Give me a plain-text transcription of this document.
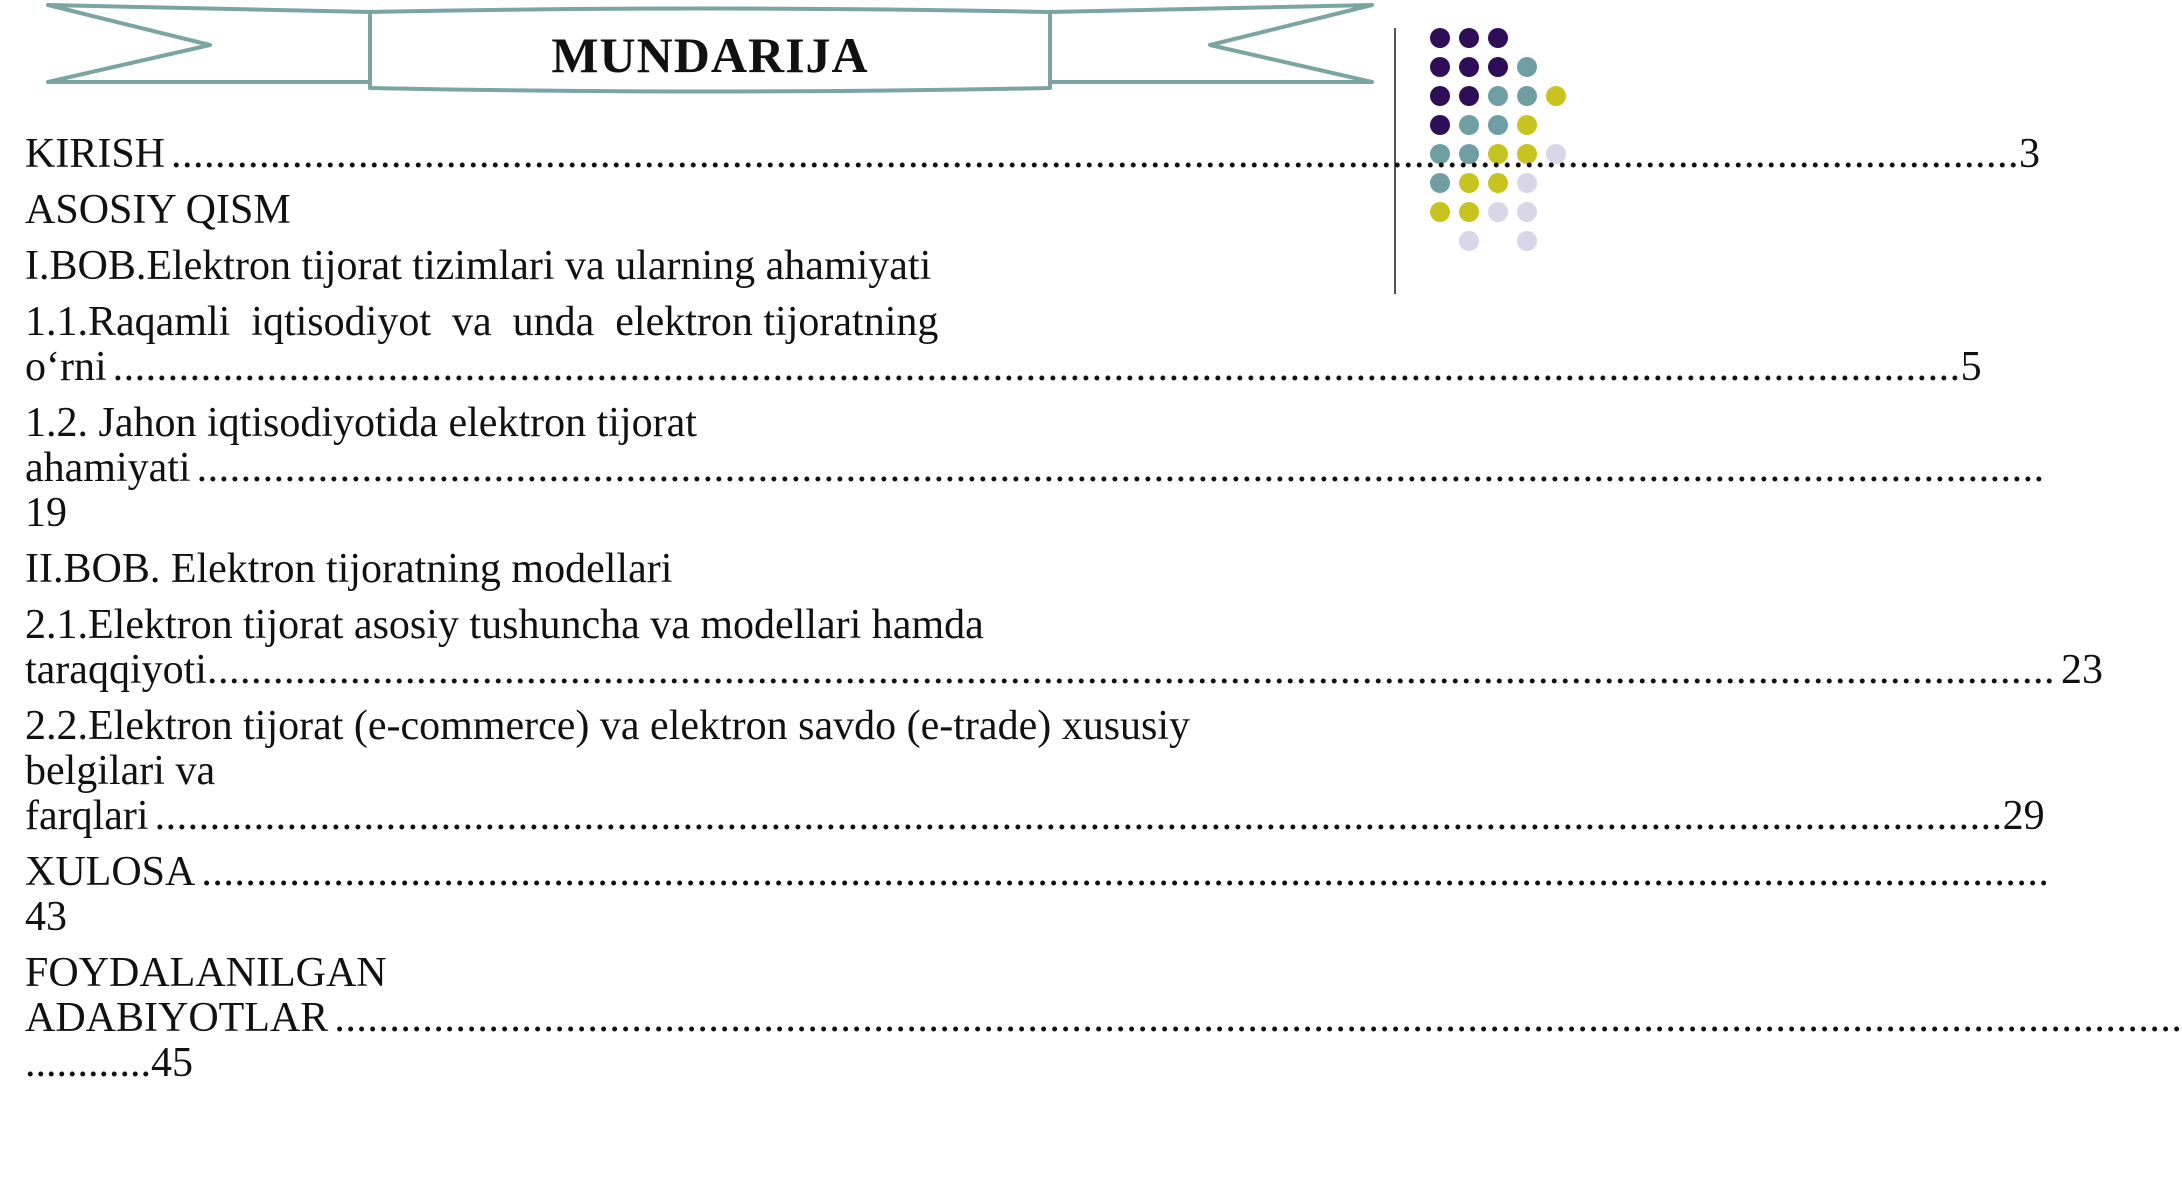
MUNDARIJA
KIRISH ........................................................................................................................................................................ 3
ASOSIY QISM
I.BOB.Elektron tijorat tizimlari va ularning ahamiyati
1.1.Raqamli  iqtisodiyot  va  unda  elektron tijoratning
o‘rni ........................................................................................................................................................................ 5
1.2. Jahon iqtisodiyotida elektron tijorat
ahamiyati ........................................................................................................................................................................
19
II.BOB. Elektron tijoratning modellari
2.1.Elektron tijorat asosiy tushuncha va modellari hamda
taraqqiyoti ........................................................................................................................................................................ 23
2.2.Elektron tijorat (e-commerce) va elektron savdo (e-trade) xususiy
belgilari va
farqlari ........................................................................................................................................................................ 29
XULOSA ........................................................................................................................................................................
43
FOYDALANILGAN
ADABIYOTLAR ........................................................................................................................................................................
............45
